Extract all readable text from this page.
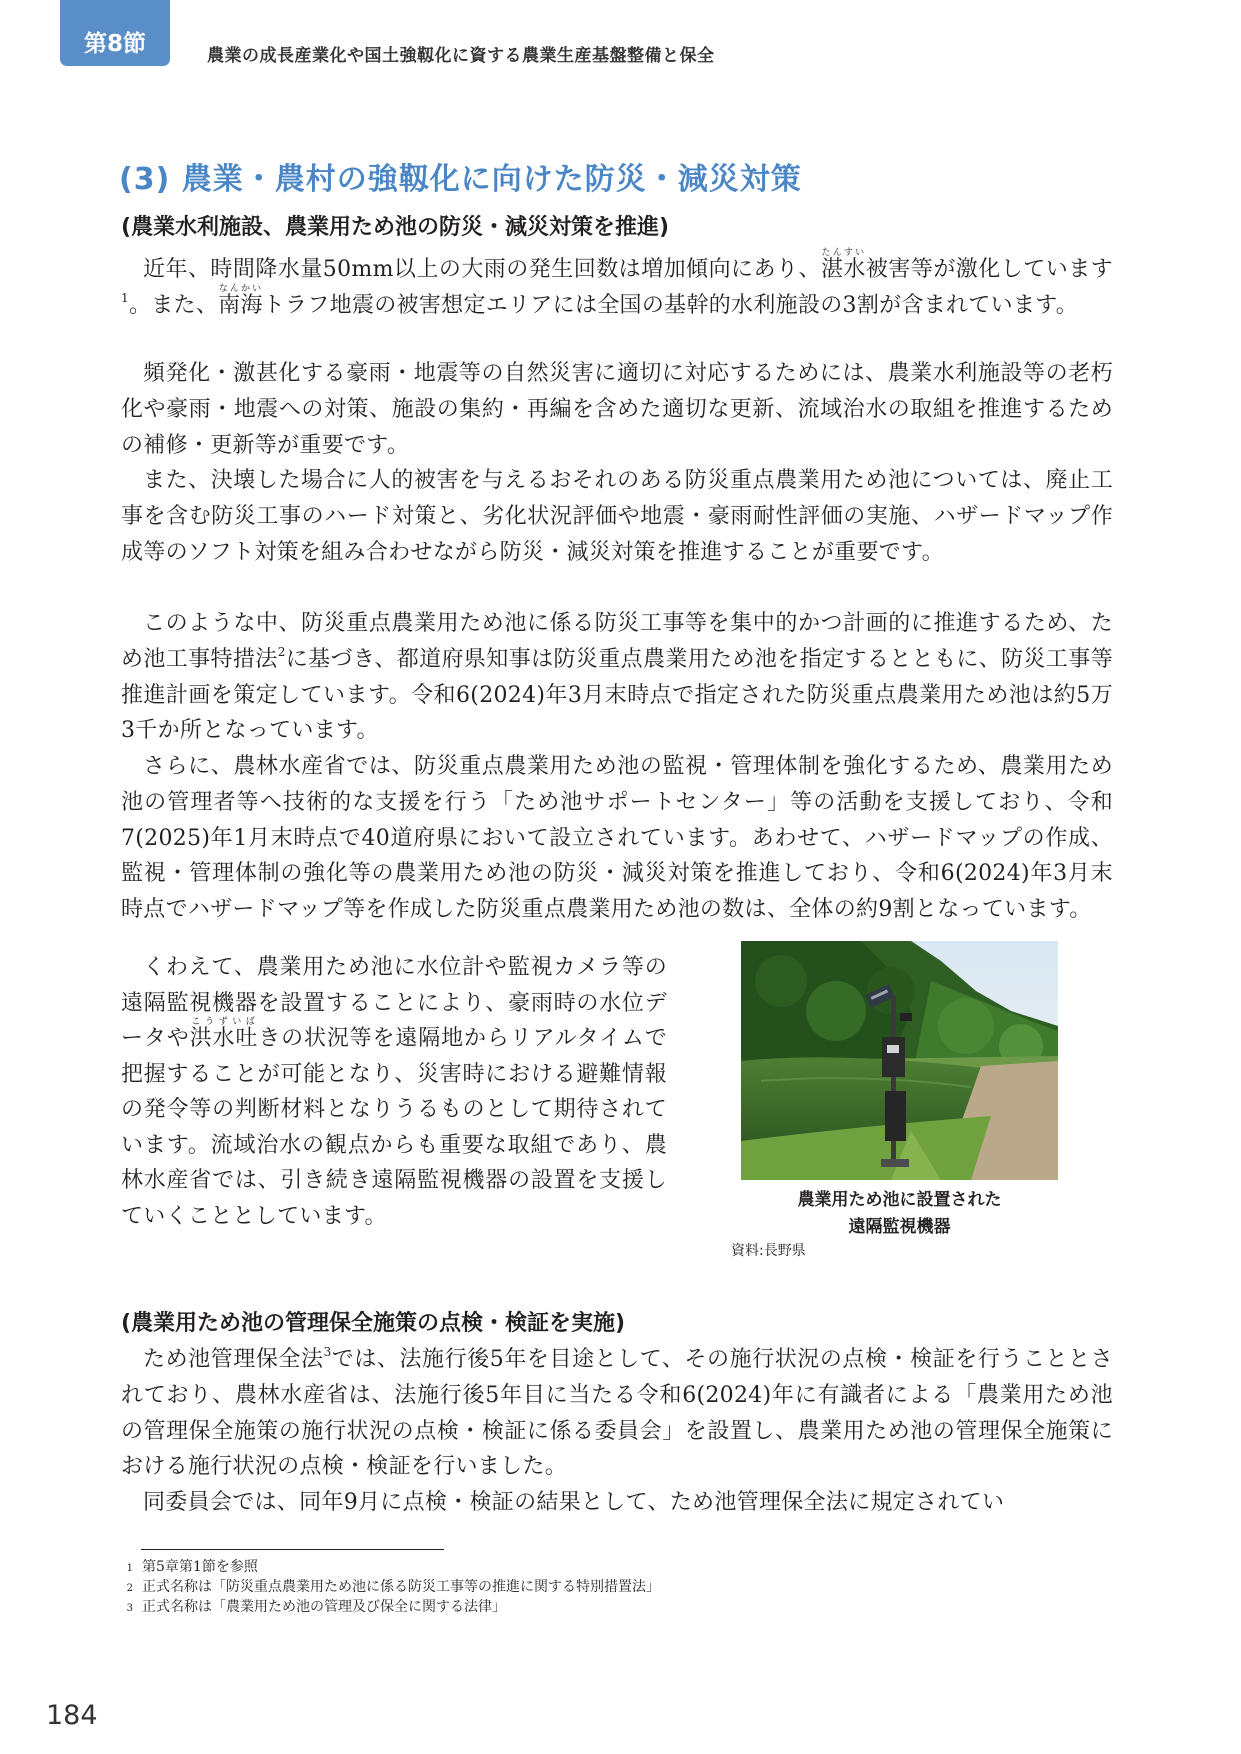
第8節	農業の成長産業化や国土強靱化に資する農業生産基盤整備と保全
(3) 農業・農村の強靱化に向けた防災・減災対策
(農業水利施設、農業用ため池の防災・減災対策を推進)

近年、時間降水量50mm以上の大雨の発生回数は増加傾向にあり、湛水たんすい被害等が激化しています$^1$。また、南海なんかいトラフ地震の被害想定エリアには全国の基幹的水利施設の3割が含まれています。

頻発化・激甚化する豪雨・地震等の自然災害に適切に対応するためには、農業水利施設等の老朽化や豪雨・地震への対策、施設の集約・再編を含めた適切な更新、流域治水の取組を推進するための補修・更新等が重要です。

また、決壊した場合に人的被害を与えるおそれのある防災重点農業用ため池については、廃止工事を含む防災工事のハード対策と、劣化状況評価や地震・豪雨耐性評価の実施、ハザードマップ作成等のソフト対策を組み合わせながら防災・減災対策を推進することが重要です。

このような中、防災重点農業用ため池に係る防災工事等を集中的かつ計画的に推進するため、ため池工事特措法$^2$に基づき、都道府県知事は防災重点農業用ため池を指定するとともに、防災工事等推進計画を策定しています。令和6(2024)年3月末時点で指定された防災重点農業用ため池は約5万3千か所となっています。

さらに、農林水産省では、防災重点農業用ため池の監視・管理体制を強化するため、農業用ため池の管理者等へ技術的な支援を行う「ため池サポートセンター」等の活動を支援しており、令和7(2025)年1月末時点で40道府県において設立されています。あわせて、ハザードマップの作成、監視・管理体制の強化等の農業用ため池の防災・減災対策を推進しており、令和6(2024)年3月末時点でハザードマップ等を作成した防災重点農業用ため池の数は、全体の約9割となっています。

くわえて、農業用ため池に水位計や監視カメラ等の遠隔監視機器を設置することにより、豪雨時の水位データや洪水吐こうずいばきの状況等を遠隔地からリアルタイムで把握することが可能となり、災害時における避難情報の発令等の判断材料となりうるものとして期待されています。流域治水の観点からも重要な取組であり、農林水産省では、引き続き遠隔監視機器の設置を支援していくこととしています。

農業用ため池に設置された
遠隔監視機器
資料:長野県
(農業用ため池の管理保全施策の点検・検証を実施)

ため池管理保全法$^3$では、法施行後5年を目途として、その施行状況の点検・検証を行うこととされており、農林水産省は、法施行後5年目に当たる令和6(2024)年に有識者による「農業用ため池の管理保全施策の施行状況の点検・検証に係る委員会」を設置し、農業用ため池の管理保全施策における施行状況の点検・検証を行いました。

同委員会では、同年9月に点検・検証の結果として、ため池管理保全法に規定されてい

1 第5章第1節を参照
2 正式名称は「防災重点農業用ため池に係る防災工事等の推進に関する特別措置法」
3 正式名称は「農業用ため池の管理及び保全に関する法律」
184
